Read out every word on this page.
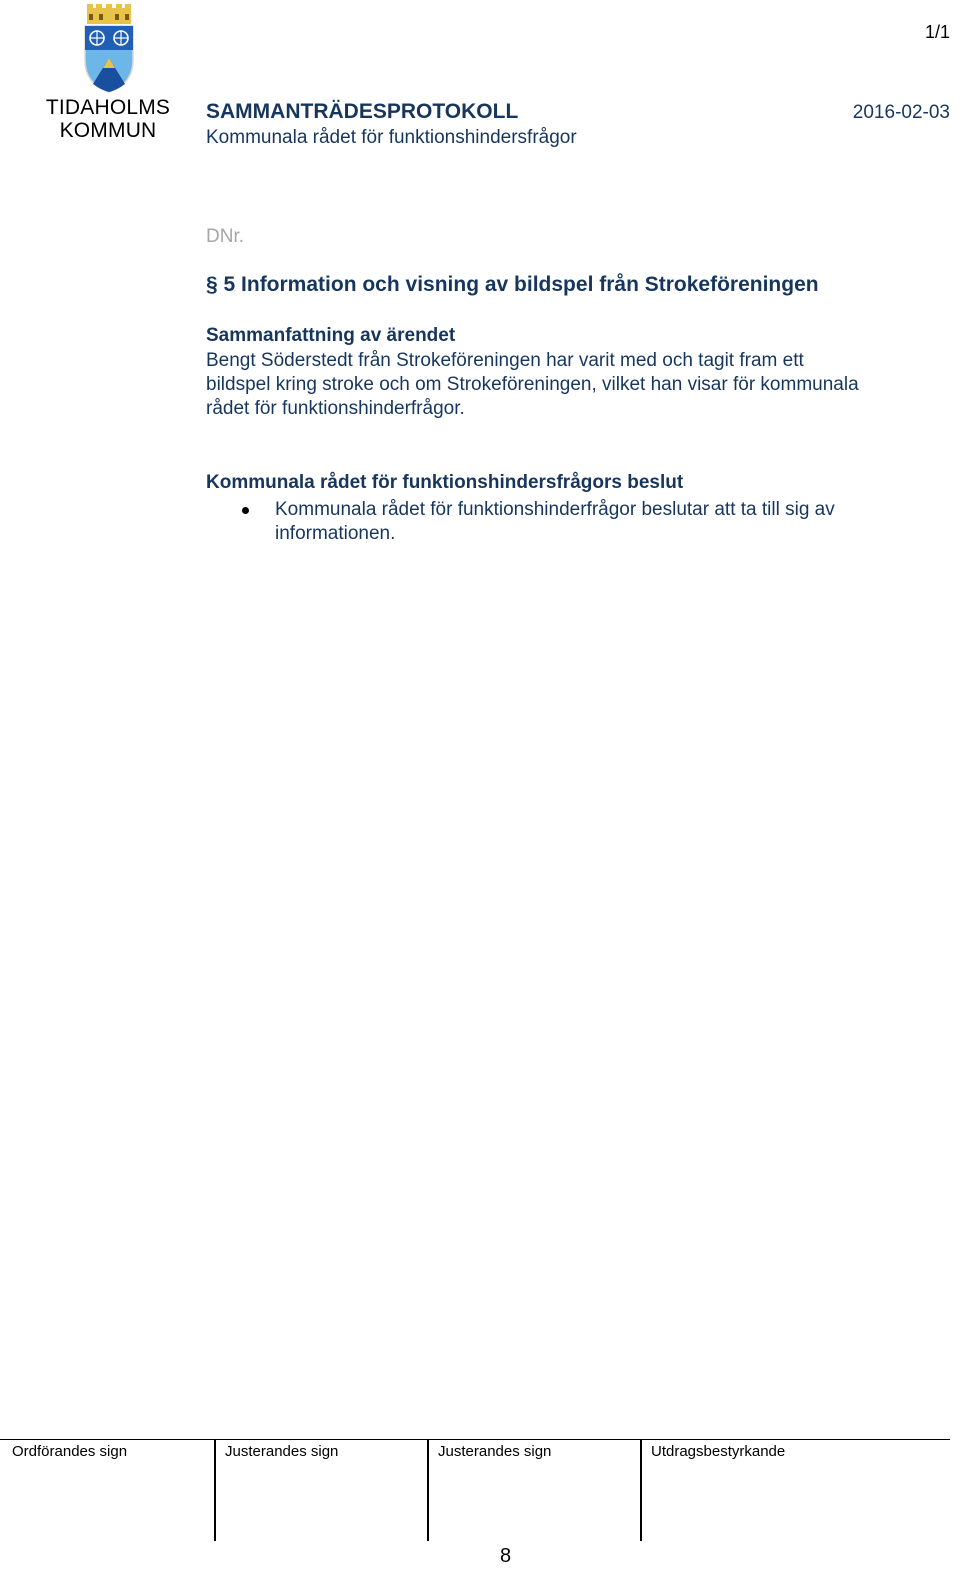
1/1
TIDAHOLMS
KOMMUN
SAMMANTRÄDESPROTOKOLL
Kommunala rådet för funktionshindersfrågor
2016-02-03
DNr.
§ 5 Information och visning av bildspel från Strokeföreningen
Sammanfattning av ärendet
Bengt Söderstedt från Strokeföreningen har varit med och tagit fram ett
bildspel kring stroke och om Strokeföreningen, vilket han visar för kommunala
rådet för funktionshinderfrågor.
Kommunala rådet för funktionshindersfrågors beslut
Kommunala rådet för funktionshinderfrågor beslutar att ta till sig av
informationen.
Ordförandes sign	Justerandes sign	Justerandes sign	Utdragsbestyrkande
8
